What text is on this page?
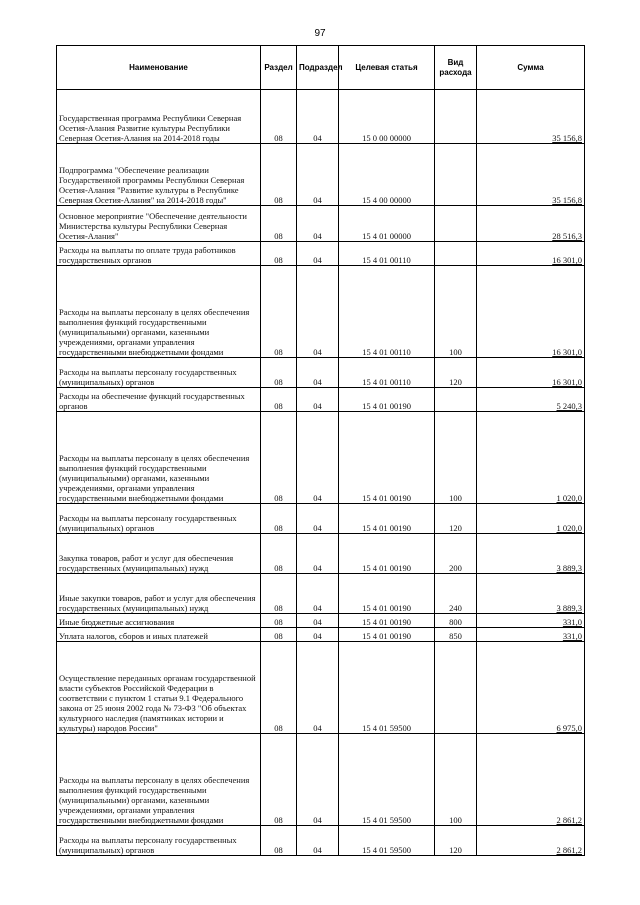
97
Наименование	Раздел	Подраздел	Целевая статья	Вид расхода	Сумма
Государственная программа Республики Северная Осетия-Алания Развитие культуры Республики Северная Осетия-Алания на 2014-2018 годы	08	04	15 0 00 00000		35 156,8
Подпрограмма "Обеспечение реализации Государственной программы Республики Северная Осетия-Алания "Развитие культуры в Республике Северная Осетия-Алания" на 2014-2018 годы"	08	04	15 4 00 00000		35 156,8
Основное мероприятие "Обеспечение деятельности Министерства культуры Республики Северная Осетия-Алания"	08	04	15 4 01 00000		28 516,3
Расходы на выплаты по оплате труда работников государственных органов	08	04	15 4 01 00110		16 301,0
Расходы на выплаты персоналу в целях обеспечения выполнения функций государственными (муниципальными) органами, казенными учреждениями, органами управления государственными внебюджетными фондами	08	04	15 4 01 00110	100	16 301,0
Расходы на выплаты персоналу государственных (муниципальных) органов	08	04	15 4 01 00110	120	16 301,0
Расходы на обеспечение функций государственных органов	08	04	15 4 01 00190		5 240,3
Расходы на выплаты персоналу в целях обеспечения выполнения функций государственными (муниципальными) органами, казенными учреждениями, органами управления государственными внебюджетными фондами	08	04	15 4 01 00190	100	1 020,0
Расходы на выплаты персоналу государственных (муниципальных) органов	08	04	15 4 01 00190	120	1 020,0
Закупка товаров, работ и услуг для обеспечения государственных (муниципальных) нужд	08	04	15 4 01 00190	200	3 889,3
Иные закупки товаров, работ и услуг для обеспечения государственных (муниципальных) нужд	08	04	15 4 01 00190	240	3 889,3
Иные бюджетные ассигнования	08	04	15 4 01 00190	800	331,0
Уплата налогов, сборов и иных платежей	08	04	15 4 01 00190	850	331,0
Осуществление переданных органам государственной власти субъектов Российской Федерации в соответствии с пунктом 1 статьи 9.1 Федерального закона от 25 июня 2002 года № 73-ФЗ "Об объектах культурного наследия (памятниках истории и культуры) народов России"	08	04	15 4 01 59500		6 975,0
Расходы на выплаты персоналу в целях обеспечения выполнения функций государственными (муниципальными) органами, казенными учреждениями, органами управления государственными внебюджетными фондами	08	04	15 4 01 59500	100	2 861,2
Расходы на выплаты персоналу государственных (муниципальных) органов	08	04	15 4 01 59500	120	2 861,2
